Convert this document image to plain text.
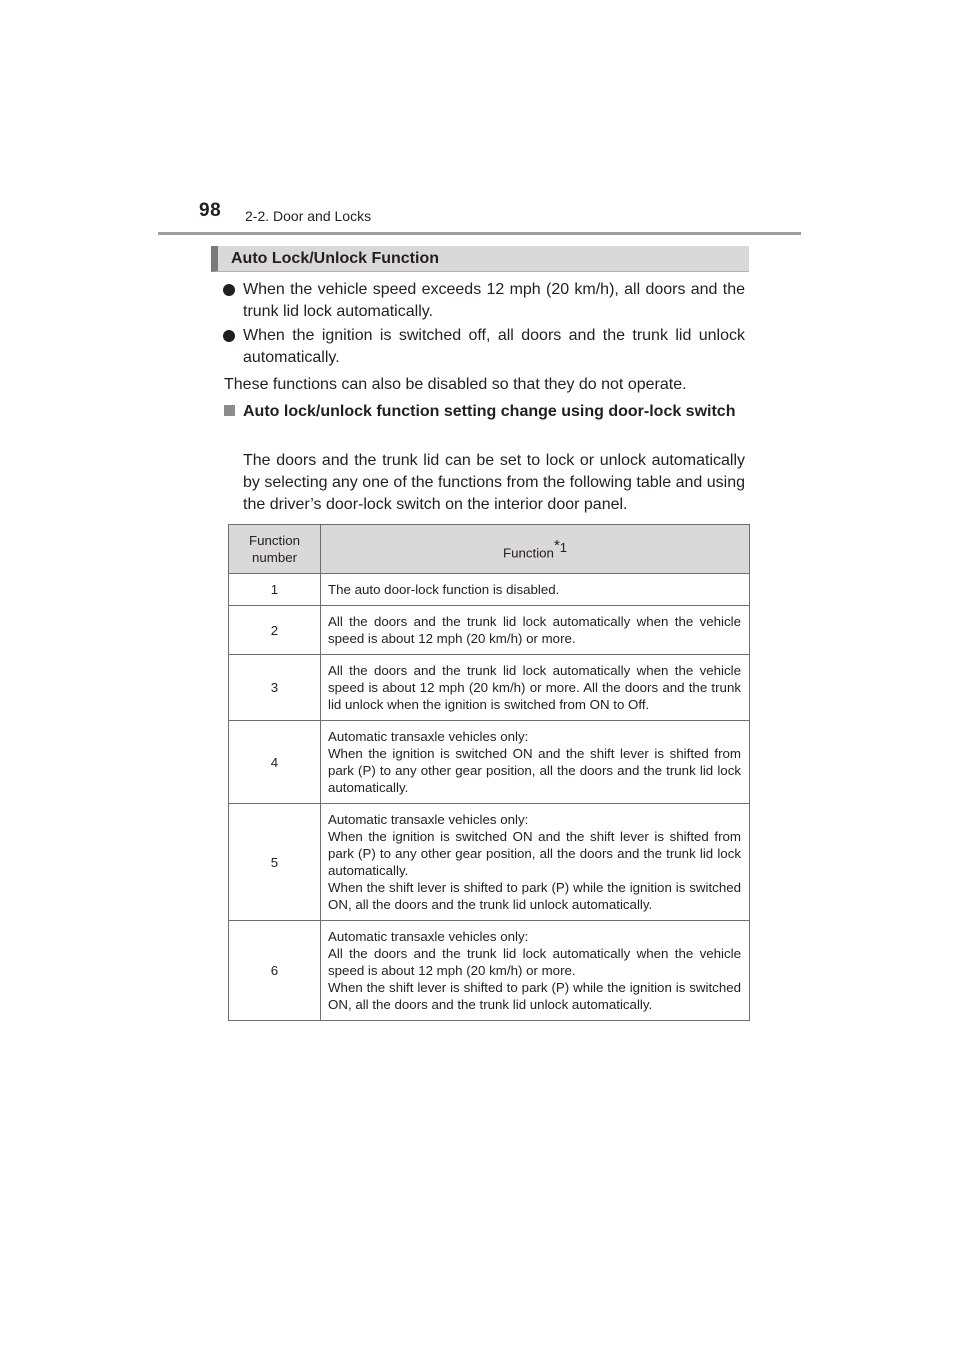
98 2-2. Door and Locks
Auto Lock/Unlock Function
When the vehicle speed exceeds 12 mph (20 km/h), all doors and the trunk lid lock automatically.
When the ignition is switched off, all doors and the trunk lid unlock automatically.
These functions can also be disabled so that they do not operate.
Auto lock/unlock function setting change using door-lock switch
The doors and the trunk lid can be set to lock or unlock automatically by selecting any one of the functions from the following table and using the driver’s door-lock switch on the interior door panel.
Function number	Function$^{*1}$
1	The auto door-lock function is disabled.

2	All the doors and the trunk lid lock automatically when the vehicle speed is about 12 mph (20 km/h) or more.

3	All the doors and the trunk lid lock automatically when the vehicle speed is about 12 mph (20 km/h) or more. All the doors and the trunk lid unlock when the ignition is switched from ON to Off.

4	Automatic transaxle vehicles only:
When the ignition is switched ON and the shift lever is shifted from park (P) to any other gear position, all the doors and the trunk lid lock automatically.

5	Automatic transaxle vehicles only:
When the ignition is switched ON and the shift lever is shifted from park (P) to any other gear position, all the doors and the trunk lid lock automatically.
When the shift lever is shifted to park (P) while the ignition is switched ON, all the doors and the trunk lid unlock automatically.

6	Automatic transaxle vehicles only:
All the doors and the trunk lid lock automatically when the vehicle speed is about 12 mph (20 km/h) or more.
When the shift lever is shifted to park (P) while the ignition is switched ON, all the doors and the trunk lid unlock automatically.
